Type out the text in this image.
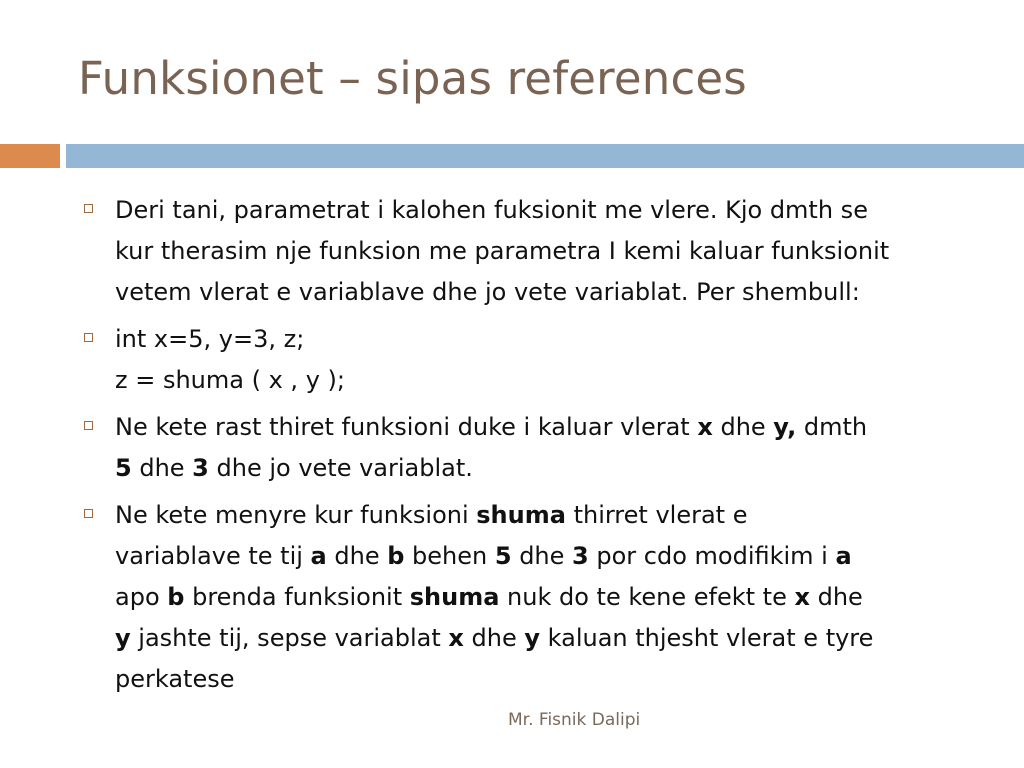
Funksionet – sipas references
Deri tani, parametrat i kalohen fuksionit me vlere. Kjo dmth se
kur therasim nje funksion me parametra I kemi kaluar funksionit
vetem vlerat e variablave dhe jo vete variablat. Per shembull:
int x=5, y=3, z;
z = shuma ( x , y );
Ne kete rast thiret funksioni duke i kaluar vlerat x dhe y, dmth
5 dhe 3 dhe jo vete variablat.
Ne kete menyre kur funksioni shuma thirret vlerat e
variablave te tij a dhe b behen 5 dhe 3 por cdo modifikim i a
apo b brenda funksionit shuma nuk do te kene efekt te x dhe
y jashte tij, sepse variablat x dhe y kaluan thjesht vlerat e tyre
perkatese
Mr. Fisnik Dalipi
